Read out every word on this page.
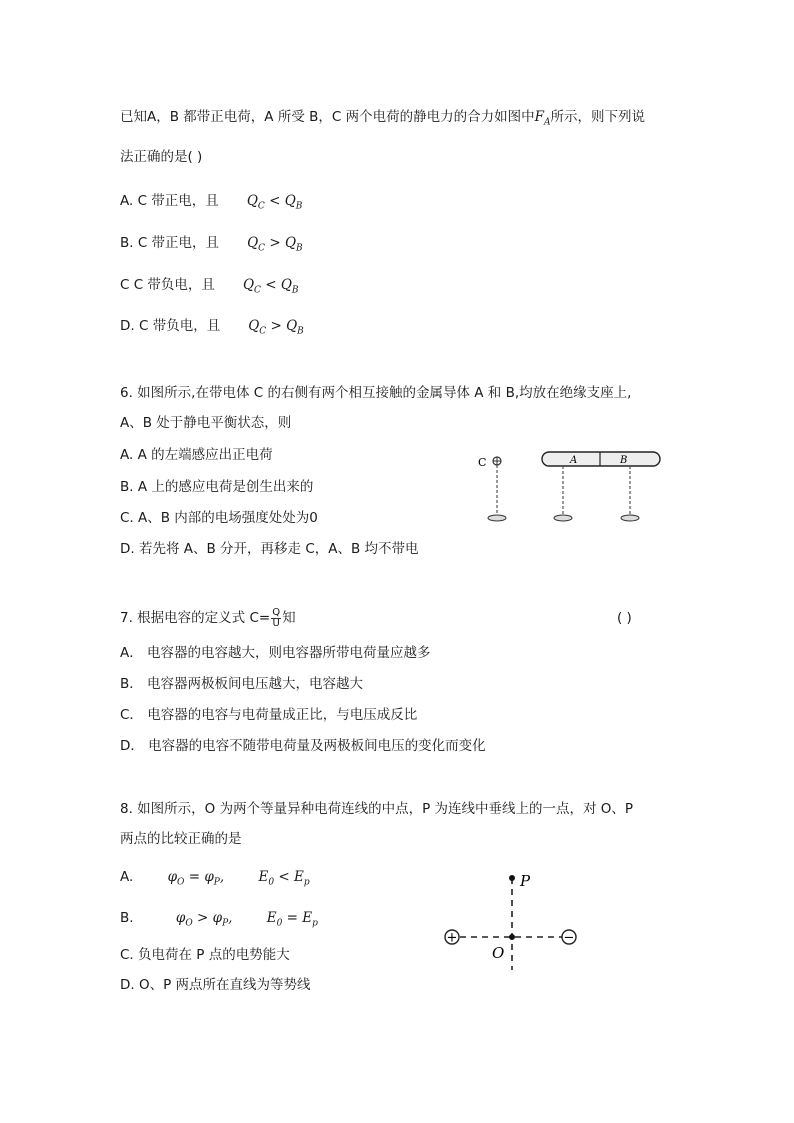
已知A，B 都带正电荷，A 所受 B，C 两个电荷的静电力的合力如图中$F_A$所示，则下列说
法正确的是( )
A. C 带正电，且 $Q_C < Q_B$
B. C 带正电，且 $Q_C > Q_B$
C C 带负电，且 $Q_C < Q_B$
D. C 带负电，且 $Q_C > Q_B$
6. 如图所示,在带电体 C 的右侧有两个相互接触的金属导体 A 和 B,均放在绝缘支座上,
A、B 处于静电平衡状态，则
A. A 的左端感应出正电荷
B. A 上的感应电荷是创生出来的
C. A、B 内部的电场强度处处为0
D. 若先将 A、B 分开，再移走 C，A、B 均不带电
C	A	B
7. 根据电容的定义式 $C= \frac{Q}{U}$ 知	( )
A． 电容器的电容越大，则电容器所带电荷量应越多
B． 电容器两极板间电压越大，电容越大
C． 电容器的电容与电荷量成正比，与电压成反比
D． 电容器的电容不随带电荷量及两极板间电压的变化而变化
8. 如图所示，O 为两个等量异种电荷连线的中点，P 为连线中垂线上的一点，对 O、P
两点的比较正确的是
A.	$\varphi_O = \varphi_P$,	$E_0 < E_p$
B.	$\varphi_O > \varphi_P$,	$E_0 = E_p$
C. 负电荷在 P 点的电势能大
D. O、P 两点所在直线为等势线
P
O
+	−
